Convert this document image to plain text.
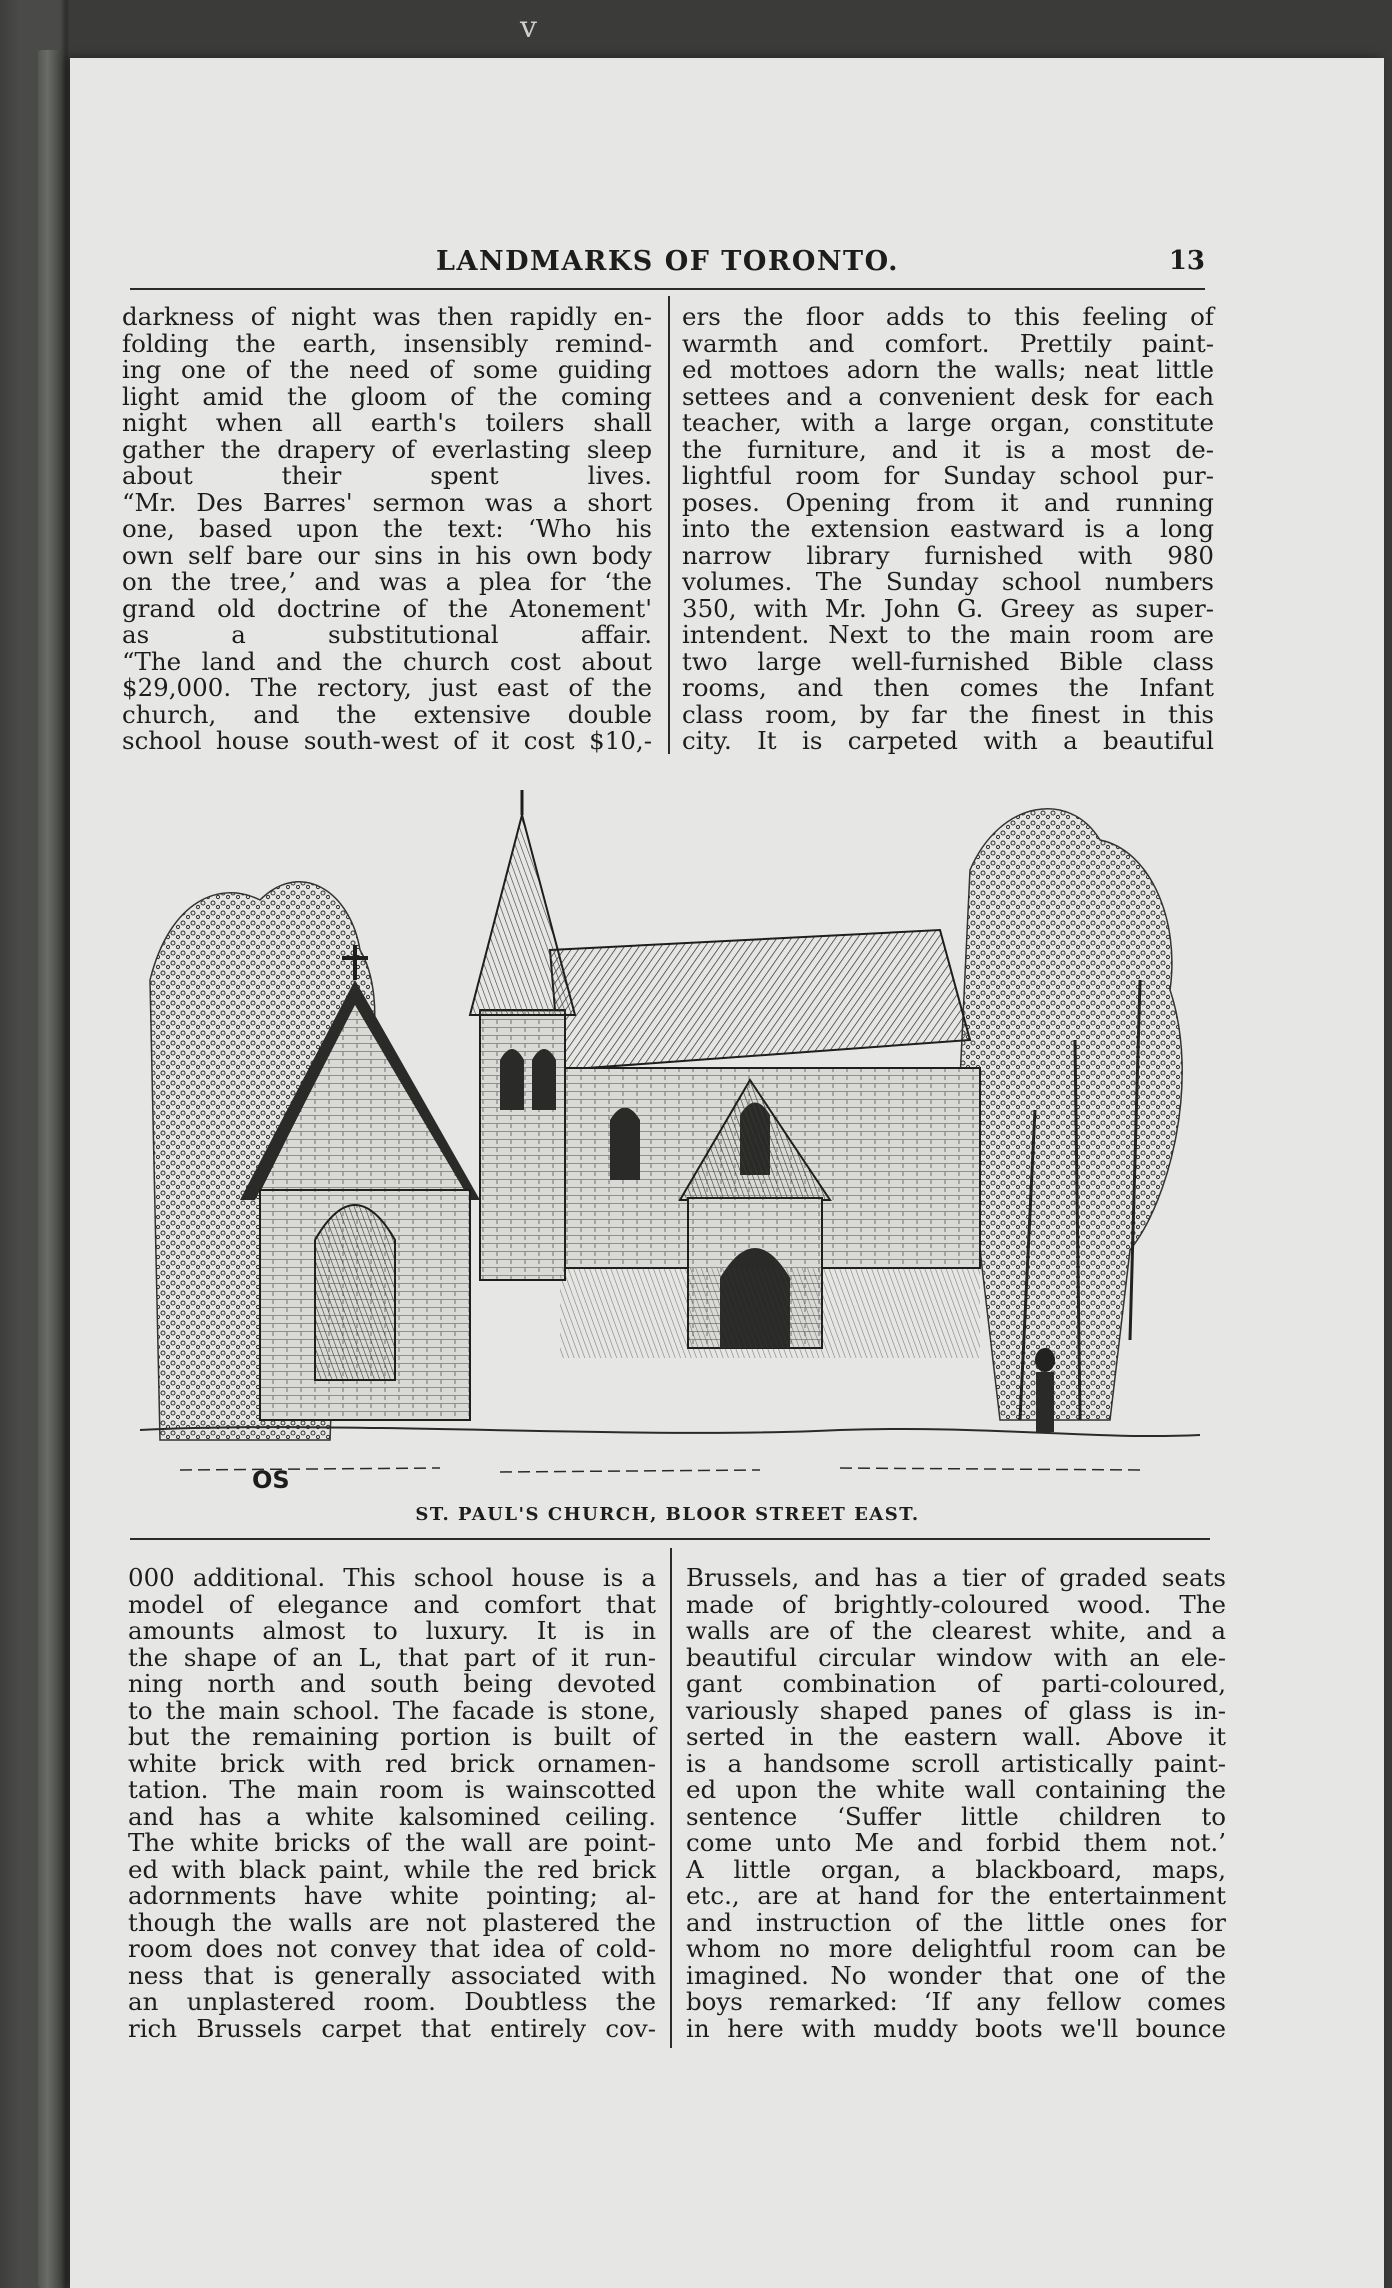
v
LANDMARKS OF TORONTO.	13

darkness of night was then rapidly en-

folding the earth, insensibly remind-

ing one of the need of some guiding

light amid the gloom of the coming

night when all earth's toilers shall

gather the drapery of everlasting sleep

about their spent lives.

“Mr. Des Barres' sermon was a short

one, based upon the text: ‘Who his

own self bare our sins in his own body

on the tree,’ and was a plea for ‘the

grand old doctrine of the Atonement'

as a substitutional affair.

“The land and the church cost about

$29,000. The rectory, just east of the

church, and the extensive double

school house south-west of it cost $10,-

ers the floor adds to this feeling of

warmth and comfort. Prettily paint-

ed mottoes adorn the walls; neat little

settees and a convenient desk for each

teacher, with a large organ, constitute

the furniture, and it is a most de-

lightful room for Sunday school pur-

poses. Opening from it and running

into the extension eastward is a long

narrow library furnished with 980

volumes. The Sunday school numbers

350, with Mr. John G. Greey as super-

intendent. Next to the main room are

two large well-furnished Bible class

rooms, and then comes the Infant

class room, by far the finest in this

city. It is carpeted with a beautiful

OS
ST. PAUL'S CHURCH, BLOOR STREET EAST.

000 additional. This school house is a

model of elegance and comfort that

amounts almost to luxury. It is in

the shape of an L, that part of it run-

ning north and south being devoted

to the main school. The facade is stone,

but the remaining portion is built of

white brick with red brick ornamen-

tation. The main room is wainscotted

and has a white kalsomined ceiling.

The white bricks of the wall are point-

ed with black paint, while the red brick

adornments have white pointing; al-

though the walls are not plastered the

room does not convey that idea of cold-

ness that is generally associated with

an unplastered room. Doubtless the

rich Brussels carpet that entirely cov-

Brussels, and has a tier of graded seats

made of brightly-coloured wood. The

walls are of the clearest white, and a

beautiful circular window with an ele-

gant combination of parti-coloured,

variously shaped panes of glass is in-

serted in the eastern wall. Above it

is a handsome scroll artistically paint-

ed upon the white wall containing the

sentence ‘Suffer little children to

come unto Me and forbid them not.’

A little organ, a blackboard, maps,

etc., are at hand for the entertainment

and instruction of the little ones for

whom no more delightful room can be

imagined. No wonder that one of the

boys remarked: ‘If any fellow comes

in here with muddy boots we'll bounce
